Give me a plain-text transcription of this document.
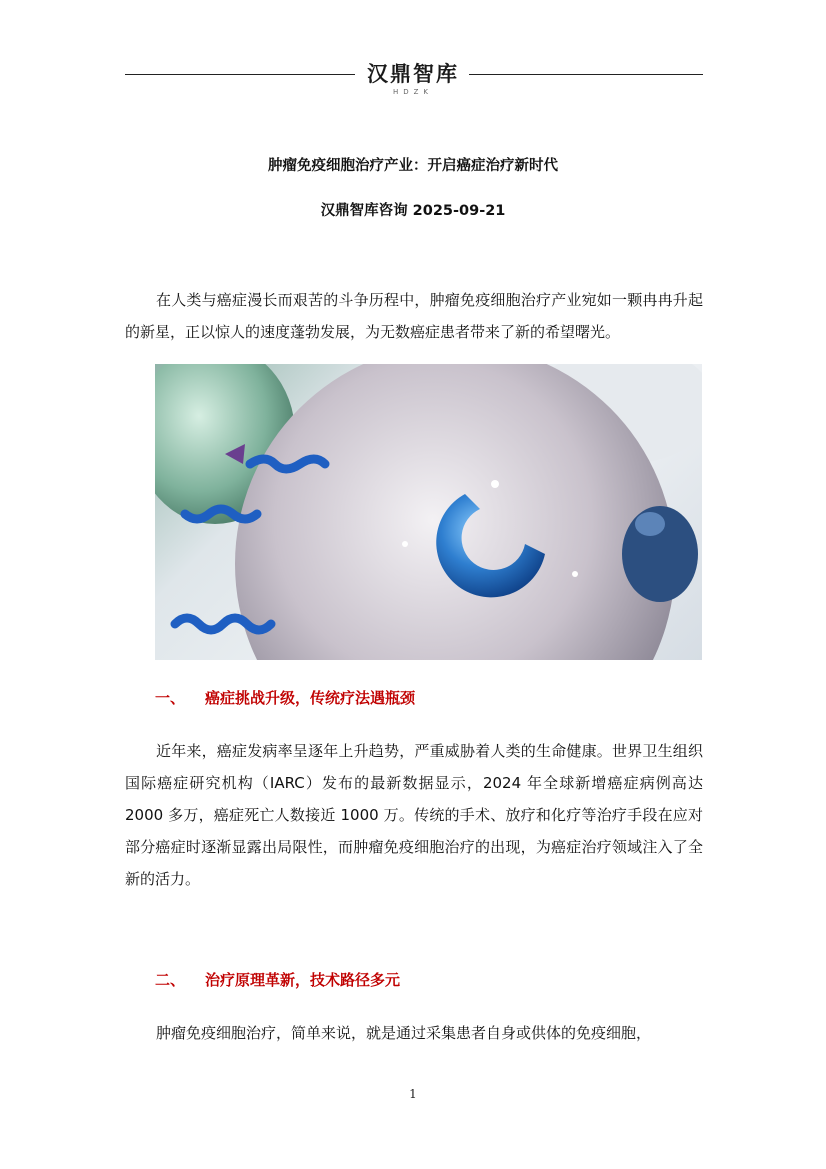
汉鼎智库
HDZK
肿瘤免疫细胞治疗产业：开启癌症治疗新时代
汉鼎智库咨询 2025-09-21

在人类与癌症漫长而艰苦的斗争历程中，肿瘤免疫细胞治疗产业宛如一颗冉冉升起的新星，正以惊人的速度蓬勃发展，为无数癌症患者带来了新的希望曙光。

一、 癌症挑战升级，传统疗法遇瓶颈

近年来，癌症发病率呈逐年上升趋势，严重威胁着人类的生命健康。世界卫生组织国际癌症研究机构（IARC）发布的最新数据显示，2024 年全球新增癌症病例高达 2000 多万，癌症死亡人数接近 1000 万。传统的手术、放疗和化疗等治疗手段在应对部分癌症时逐渐显露出局限性，而肿瘤免疫细胞治疗的出现，为癌症治疗领域注入了全新的活力。

二、 治疗原理革新，技术路径多元

肿瘤免疫细胞治疗，简单来说，就是通过采集患者自身或供体的免疫细胞，

1
